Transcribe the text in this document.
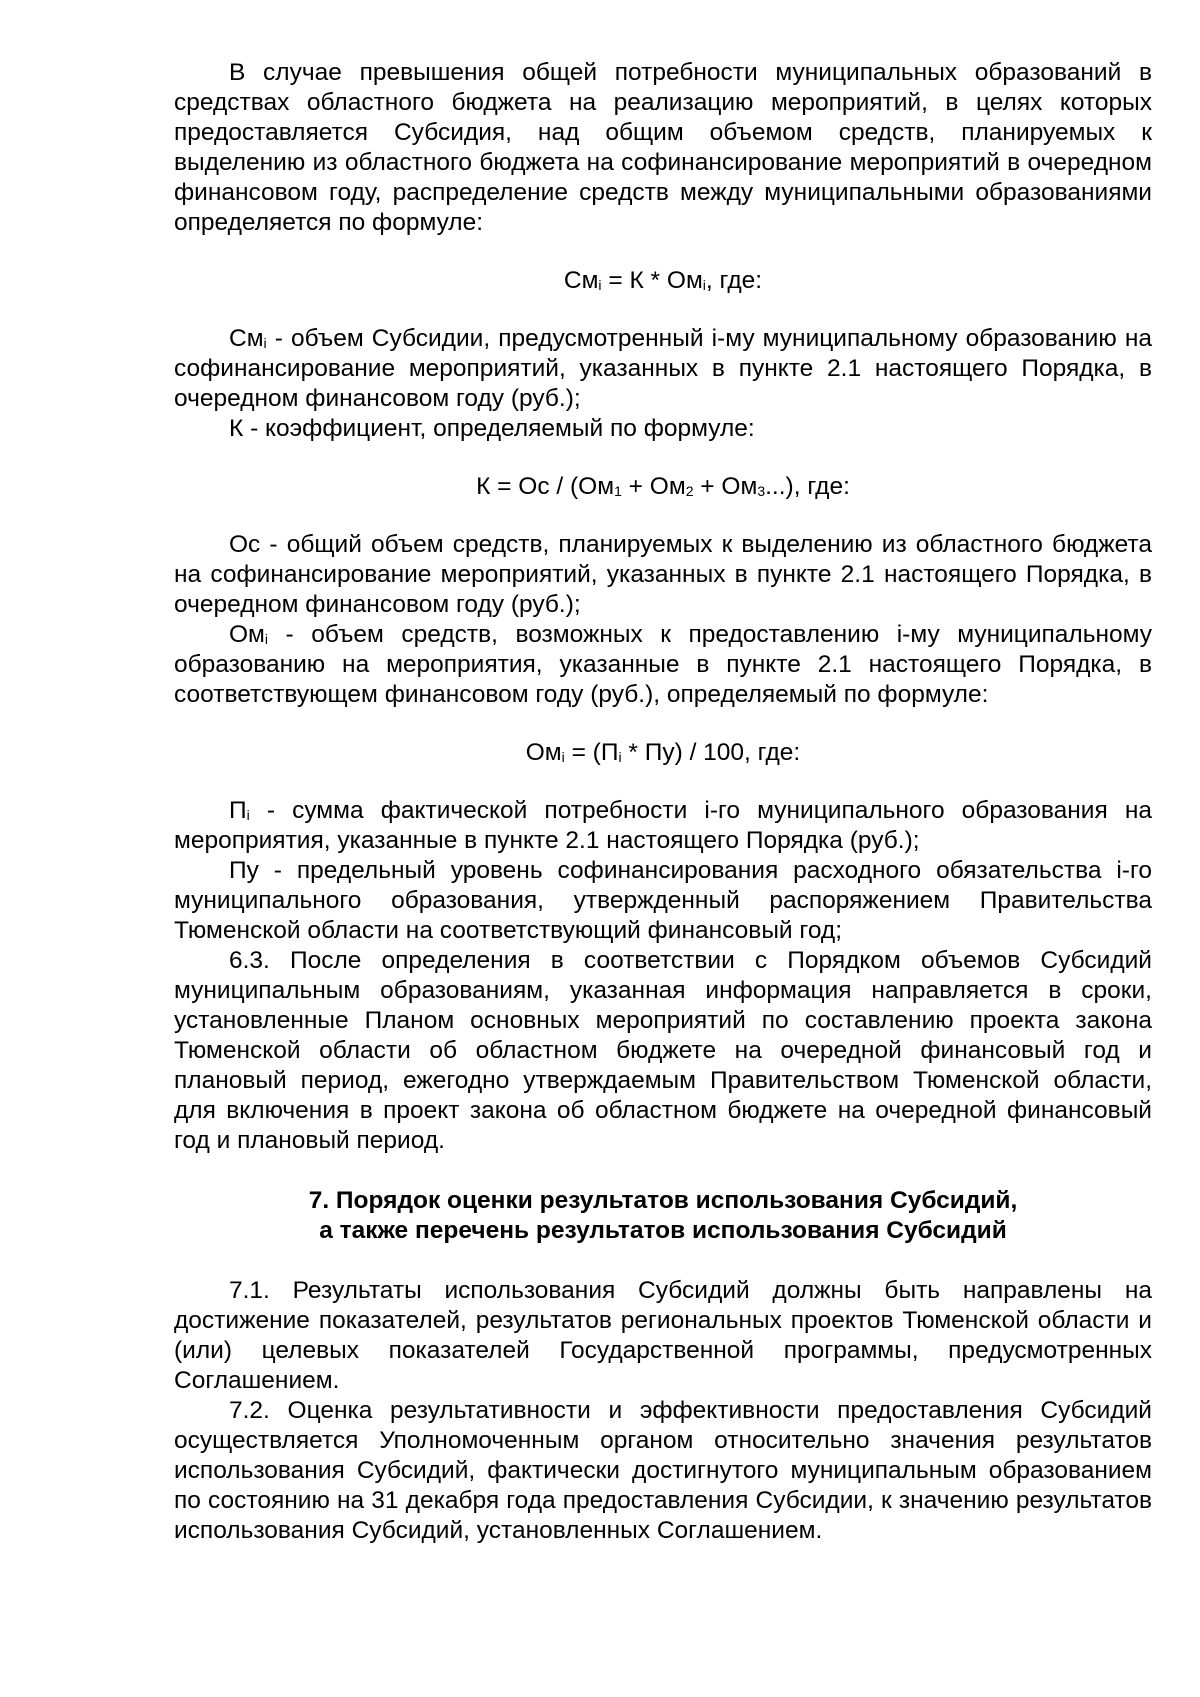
В случае превышения общей потребности муниципальных образований в средствах областного бюджета на реализацию мероприятий, в целях которых предоставляется Субсидия, над общим объемом средств, планируемых к выделению из областного бюджета на софинансирование мероприятий в очередном финансовом году, распределение средств между муниципальными образованиями определяется по формуле:

$См_i = К * Ом_i$, где:

$См_i$ - объем Субсидии, предусмотренный i-му муниципальному образованию на софинансирование мероприятий, указанных в пункте 2.1 настоящего Порядка, в очередном финансовом году (руб.);

К - коэффициент, определяемый по формуле:

К = Ос / $(Ом_1 + Ом_2 + Ом_3...)$, где:

Ос - общий объем средств, планируемых к выделению из областного бюджета на софинансирование мероприятий, указанных в пункте 2.1 настоящего Порядка, в очередном финансовом году (руб.);

$Ом_i$ - объем средств, возможных к предоставлению i-му муниципальному образованию на мероприятия, указанные в пункте 2.1 настоящего Порядка, в соответствующем финансовом году (руб.), определяемый по формуле:

$Ом_i = (П_i * Пу) / 100$, где:

$П_i$ - сумма фактической потребности i-го муниципального образования на мероприятия, указанные в пункте 2.1 настоящего Порядка (руб.);

Пу - предельный уровень софинансирования расходного обязательства i-го муниципального образования, утвержденный распоряжением Правительства Тюменской области на соответствующий финансовый год;

6.3. После определения в соответствии с Порядком объемов Субсидий муниципальным образованиям, указанная информация направляется в сроки, установленные Планом основных мероприятий по составлению проекта закона Тюменской области об областном бюджете на очередной финансовый год и плановый период, ежегодно утверждаемым Правительством Тюменской области, для включения в проект закона об областном бюджете на очередной финансовый год и плановый период.

7. Порядок оценки результатов использования Субсидий,
а также перечень результатов использования Субсидий

7.1. Результаты использования Субсидий должны быть направлены на достижение показателей, результатов региональных проектов Тюменской области и (или) целевых показателей Государственной программы, предусмотренных Соглашением.

7.2. Оценка результативности и эффективности предоставления Субсидий осуществляется Уполномоченным органом относительно значения результатов использования Субсидий, фактически достигнутого муниципальным образованием по состоянию на 31 декабря года предоставления Субсидии, к значению результатов использования Субсидий, установленных Соглашением.
